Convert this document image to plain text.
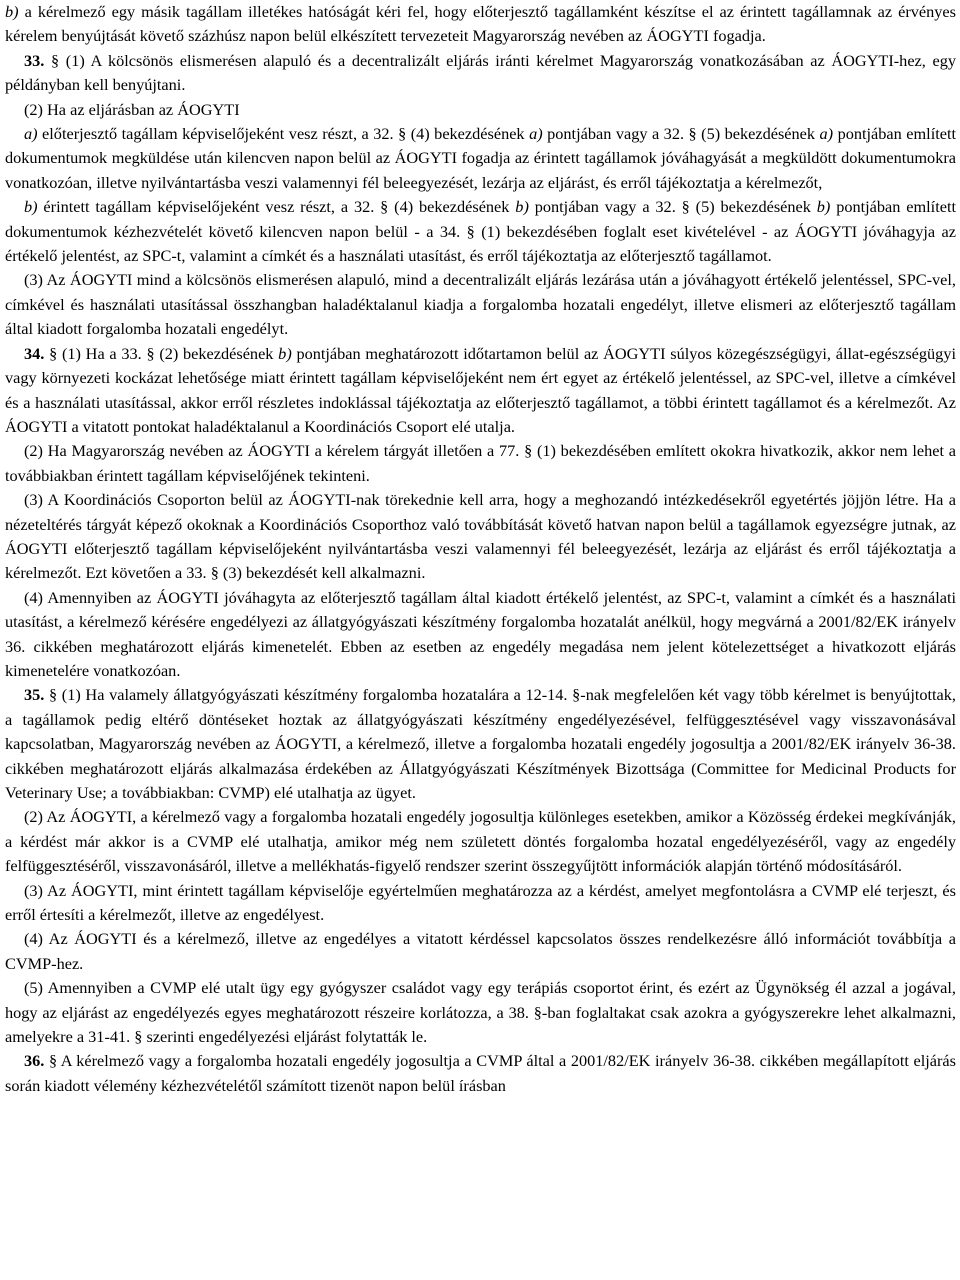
b) a kérelmező egy másik tagállam illetékes hatóságát kéri fel, hogy előterjesztő tagállamként készítse el az érintett tagállamnak az érvényes kérelem benyújtását követő százhúsz napon belül elkészített tervezeteit Magyarország nevében az ÁOGYTI fogadja.

33. § (1) A kölcsönös elismerésen alapuló és a decentralizált eljárás iránti kérelmet Magyarország vonatkozásában az ÁOGYTI-hez, egy példányban kell benyújtani.

(2) Ha az eljárásban az ÁOGYTI

a) előterjesztő tagállam képviselőjeként vesz részt, a 32. § (4) bekezdésének a) pontjában vagy a 32. § (5) bekezdésének a) pontjában említett dokumentumok megküldése után kilencven napon belül az ÁOGYTI fogadja az érintett tagállamok jóváhagyását a megküldött dokumentumokra vonatkozóan, illetve nyilvántartásba veszi valamennyi fél beleegyezését, lezárja az eljárást, és erről tájékoztatja a kérelmezőt,

b) érintett tagállam képviselőjeként vesz részt, a 32. § (4) bekezdésének b) pontjában vagy a 32. § (5) bekezdésének b) pontjában említett dokumentumok kézhezvételét követő kilencven napon belül - a 34. § (1) bekezdésében foglalt eset kivételével - az ÁOGYTI jóváhagyja az értékelő jelentést, az SPC-t, valamint a címkét és a használati utasítást, és erről tájékoztatja az előterjesztő tagállamot.

(3) Az ÁOGYTI mind a kölcsönös elismerésen alapuló, mind a decentralizált eljárás lezárása után a jóváhagyott értékelő jelentéssel, SPC-vel, címkével és használati utasítással összhangban haladéktalanul kiadja a forgalomba hozatali engedélyt, illetve elismeri az előterjesztő tagállam által kiadott forgalomba hozatali engedélyt.

34. § (1) Ha a 33. § (2) bekezdésének b) pontjában meghatározott időtartamon belül az ÁOGYTI súlyos közegészségügyi, állat-egészségügyi vagy környezeti kockázat lehetősége miatt érintett tagállam képviselőjeként nem ért egyet az értékelő jelentéssel, az SPC-vel, illetve a címkével és a használati utasítással, akkor erről részletes indoklással tájékoztatja az előterjesztő tagállamot, a többi érintett tagállamot és a kérelmezőt. Az ÁOGYTI a vitatott pontokat haladéktalanul a Koordinációs Csoport elé utalja.

(2) Ha Magyarország nevében az ÁOGYTI a kérelem tárgyát illetően a 77. § (1) bekezdésében említett okokra hivatkozik, akkor nem lehet a továbbiakban érintett tagállam képviselőjének tekinteni.

(3) A Koordinációs Csoporton belül az ÁOGYTI-nak törekednie kell arra, hogy a meghozandó intézkedésekről egyetértés jöjjön létre. Ha a nézeteltérés tárgyát képező okoknak a Koordinációs Csoporthoz való továbbítását követő hatvan napon belül a tagállamok egyezségre jutnak, az ÁOGYTI előterjesztő tagállam képviselőjeként nyilvántartásba veszi valamennyi fél beleegyezését, lezárja az eljárást és erről tájékoztatja a kérelmezőt. Ezt követően a 33. § (3) bekezdését kell alkalmazni.

(4) Amennyiben az ÁOGYTI jóváhagyta az előterjesztő tagállam által kiadott értékelő jelentést, az SPC-t, valamint a címkét és a használati utasítást, a kérelmező kérésére engedélyezi az állatgyógyászati készítmény forgalomba hozatalát anélkül, hogy megvárná a 2001/82/EK irányelv 36. cikkében meghatározott eljárás kimenetelét. Ebben az esetben az engedély megadása nem jelent kötelezettséget a hivatkozott eljárás kimenetelére vonatkozóan.

35. § (1) Ha valamely állatgyógyászati készítmény forgalomba hozatalára a 12-14. §-nak megfelelően két vagy több kérelmet is benyújtottak, a tagállamok pedig eltérő döntéseket hoztak az állatgyógyászati készítmény engedélyezésével, felfüggesztésével vagy visszavonásával kapcsolatban, Magyarország nevében az ÁOGYTI, a kérelmező, illetve a forgalomba hozatali engedély jogosultja a 2001/82/EK irányelv 36-38. cikkében meghatározott eljárás alkalmazása érdekében az Állatgyógyászati Készítmények Bizottsága (Committee for Medicinal Products for Veterinary Use; a továbbiakban: CVMP) elé utalhatja az ügyet.

(2) Az ÁOGYTI, a kérelmező vagy a forgalomba hozatali engedély jogosultja különleges esetekben, amikor a Közösség érdekei megkívánják, a kérdést már akkor is a CVMP elé utalhatja, amikor még nem született döntés forgalomba hozatal engedélyezéséről, vagy az engedély felfüggesztéséről, visszavonásáról, illetve a mellékhatás-figyelő rendszer szerint összegyűjtött információk alapján történő módosításáról.

(3) Az ÁOGYTI, mint érintett tagállam képviselője egyértelműen meghatározza az a kérdést, amelyet megfontolásra a CVMP elé terjeszt, és erről értesíti a kérelmezőt, illetve az engedélyest.

(4) Az ÁOGYTI és a kérelmező, illetve az engedélyes a vitatott kérdéssel kapcsolatos összes rendelkezésre álló információt továbbítja a CVMP-hez.

(5) Amennyiben a CVMP elé utalt ügy egy gyógyszer családot vagy egy terápiás csoportot érint, és ezért az Ügynökség él azzal a jogával, hogy az eljárást az engedélyezés egyes meghatározott részeire korlátozza, a 38. §-ban foglaltakat csak azokra a gyógyszerekre lehet alkalmazni, amelyekre a 31-41. § szerinti engedélyezési eljárást folytatták le.

36. § A kérelmező vagy a forgalomba hozatali engedély jogosultja a CVMP által a 2001/82/EK irányelv 36-38. cikkében megállapított eljárás során kiadott vélemény kézhezvételétől számított tizenöt napon belül írásban
